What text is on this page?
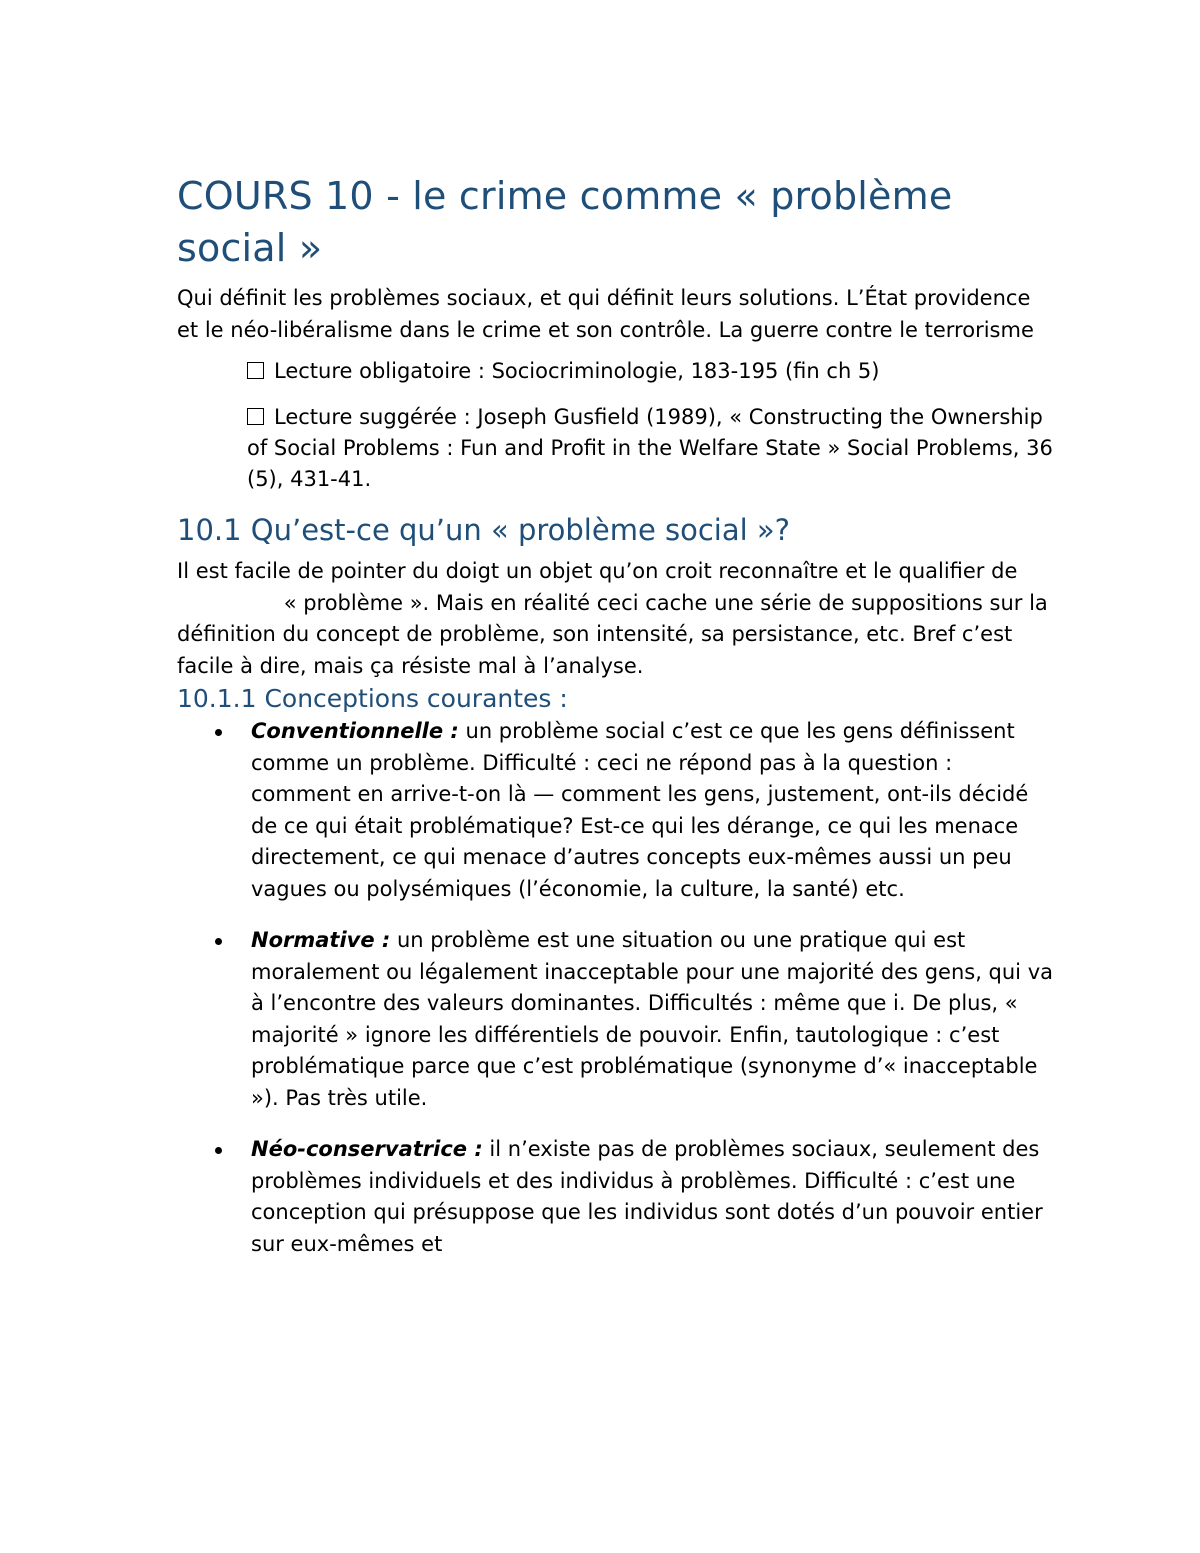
COURS 10 - le crime comme « problème social »

Qui définit les problèmes sociaux, et qui définit leurs solutions. L’État providence et le néo-libéralisme dans le crime et son contrôle. La guerre contre le terrorisme

Lecture obligatoire : Sociocriminologie, 183-195 (fin ch 5)
Lecture suggérée : Joseph Gusfield (1989), « Constructing the Ownership of Social Problems : Fun and Profit in the Welfare State » Social Problems, 36 (5), 431-41.
10.1 Qu’est-ce qu’un « problème social »?

Il est facile de pointer du doigt un objet qu’on croit reconnaître et le qualifier de  « problème ». Mais en réalité ceci cache une série de suppositions sur la définition du concept de problème, son intensité, sa persistance, etc. Bref c’est facile à dire, mais ça résiste mal à l’analyse.

10.1.1 Conceptions courantes :
Conventionnelle : un problème social c’est ce que les gens définissent comme un problème. Difficulté : ceci ne répond pas à la question : comment en arrive-t-on là — comment les gens, justement, ont-ils décidé de ce qui était problématique? Est-ce qui les dérange, ce qui les menace directement, ce qui menace d’autres concepts eux-mêmes aussi un peu vagues ou polysémiques (l’économie, la culture, la santé) etc.
Normative : un problème est une situation ou une pratique qui est moralement ou légalement inacceptable pour une majorité des gens, qui va à l’encontre des valeurs dominantes. Difficultés : même que i. De plus, « majorité » ignore les différentiels de pouvoir. Enfin, tautologique : c’est problématique parce que c’est problématique (synonyme d’« inacceptable »). Pas très utile.
Néo-conservatrice : il n’existe pas de problèmes sociaux, seulement des problèmes individuels et des individus à problèmes. Difficulté : c’est une conception qui présuppose que les individus sont dotés d’un pouvoir entier sur eux-mêmes et
